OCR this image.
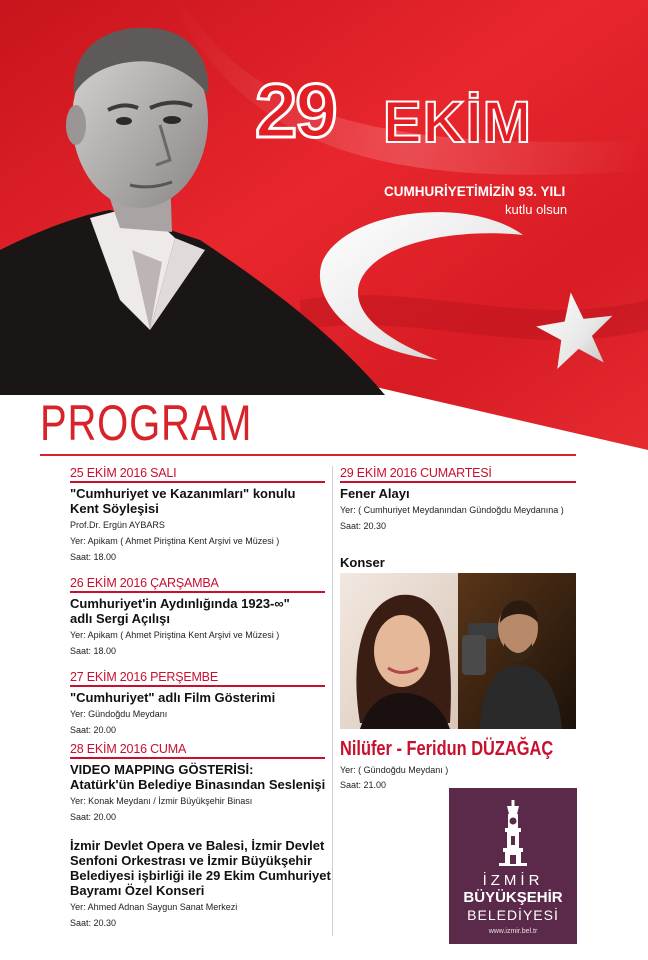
29 EKİM
CUMHURİYETİMİZİN 93. YILI
kutlu olsun
PROGRAM
25 EKİM 2016 SALI
"Cumhuriyet ve Kazanımları" konulu
Kent Söyleşisi
Prof.Dr. Ergün AYBARS
Yer: Apikam ( Ahmet Piriştina Kent Arşivi ve Müzesi )
Saat: 18.00
26 EKİM 2016 ÇARŞAMBA
Cumhuriyet'in Aydınlığında 1923-∞"
adlı Sergi Açılışı
Yer: Apikam ( Ahmet Piriştina Kent Arşivi ve Müzesi )
Saat: 18.00
27 EKİM 2016 PERŞEMBE
"Cumhuriyet" adlı Film Gösterimi
Yer: Gündoğdu Meydanı
Saat: 20.00
28 EKİM 2016 CUMA
VIDEO MAPPING GÖSTERİSİ:
Atatürk'ün Belediye Binasından Seslenişi
Yer: Konak Meydanı / İzmir Büyükşehir Binası
Saat: 20.00
İzmir Devlet Opera ve Balesi, İzmir Devlet
Senfoni Orkestrası ve İzmir Büyükşehir
Belediyesi işbirliği ile 29 Ekim Cumhuriyet
Bayramı Özel Konseri
Yer: Ahmed Adnan Saygun Sanat Merkezi
Saat: 20.30
29 EKİM 2016 CUMARTESİ
Fener Alayı
Yer: ( Cumhuriyet Meydanından Gündoğdu Meydanına )
Saat: 20.30
Konser
Nilüfer - Feridun DÜZAĞAÇ
Yer: ( Gündoğdu Meydanı )
Saat: 21.00
İZMİR
BÜYÜKŞEHİR
BELEDİYESİ
www.izmir.bel.tr
